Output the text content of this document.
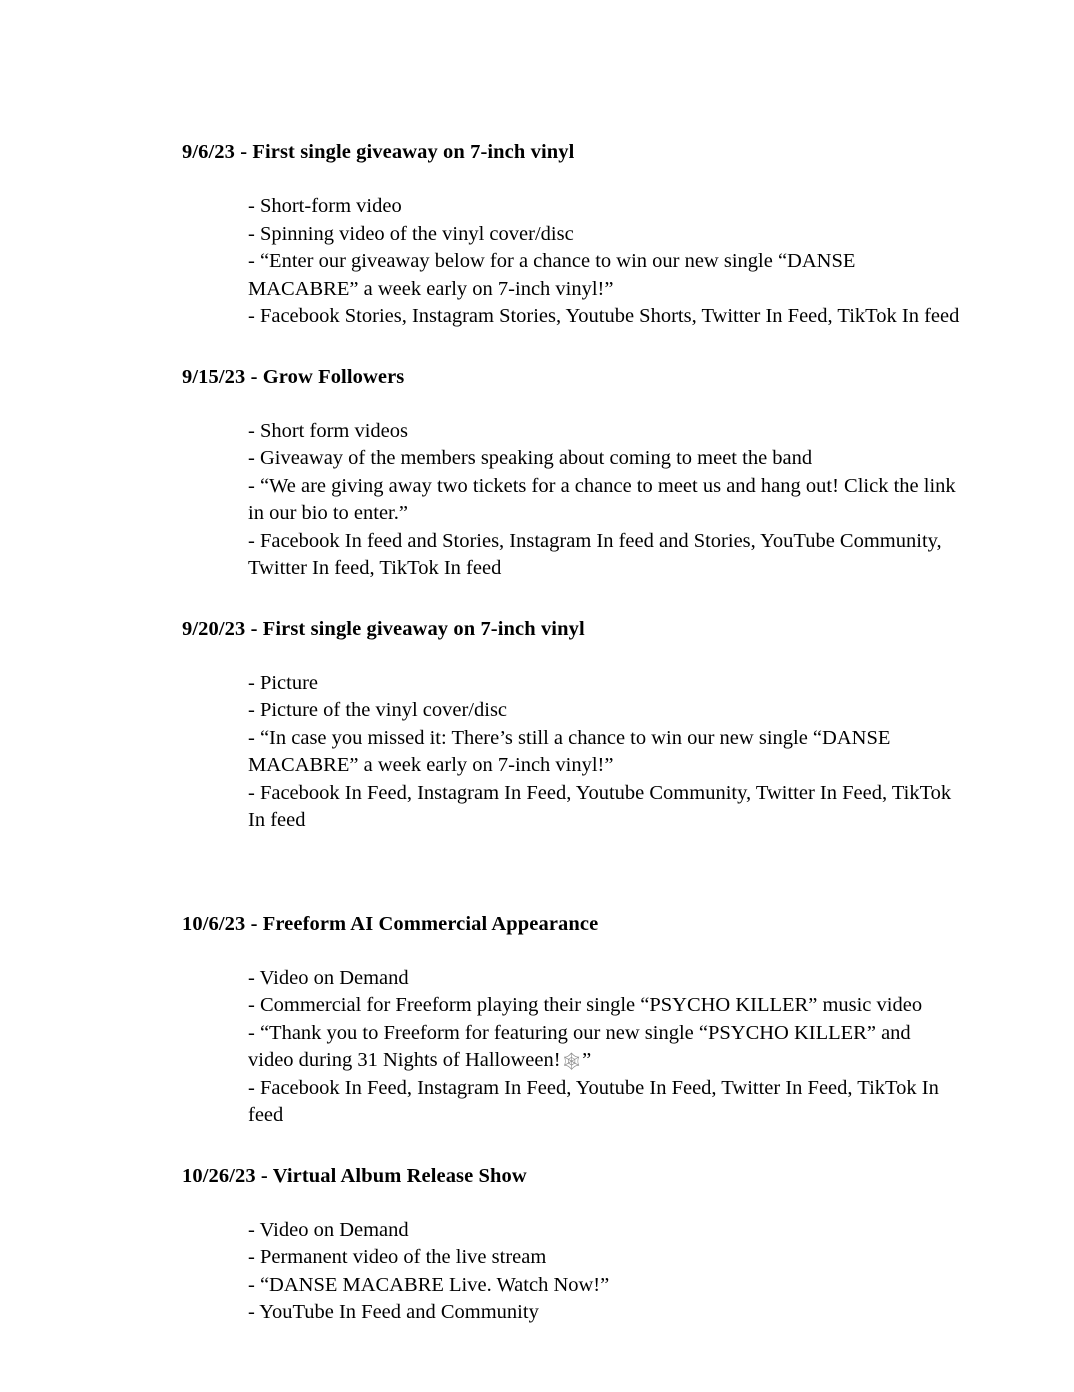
9/6/23 - First single giveaway on 7-inch vinyl

- Short-form video

- Spinning video of the vinyl cover/disc

- “Enter our giveaway below for a chance to win our new single “DANSE MACABRE” a week early on 7-inch vinyl!”

- Facebook Stories, Instagram Stories, Youtube Shorts, Twitter In Feed, TikTok In feed

9/15/23 - Grow Followers

- Short form videos

- Giveaway of the members speaking about coming to meet the band

- “We are giving away two tickets for a chance to meet us and hang out! Click the link in our bio to enter.”

- Facebook In feed and Stories, Instagram In feed and Stories, YouTube Community, Twitter In feed, TikTok In feed

9/20/23 - First single giveaway on 7-inch vinyl

- Picture

- Picture of the vinyl cover/disc

- “In case you missed it: There’s still a chance to win our new single “DANSE MACABRE” a week early on 7-inch vinyl!”

- Facebook In Feed, Instagram In Feed, Youtube Community, Twitter In Feed, TikTok In feed

10/6/23 - Freeform AI Commercial Appearance

- Video on Demand

- Commercial for Freeform playing their single “PSYCHO KILLER” music video

- “Thank you to Freeform for featuring our new single “PSYCHO KILLER” and video during 31 Nights of Halloween!🕸”

- Facebook In Feed, Instagram In Feed, Youtube In Feed, Twitter In Feed, TikTok In feed

10/26/23 - Virtual Album Release Show

- Video on Demand

- Permanent video of the live stream

- “DANSE MACABRE Live. Watch Now!”

- YouTube In Feed and Community
